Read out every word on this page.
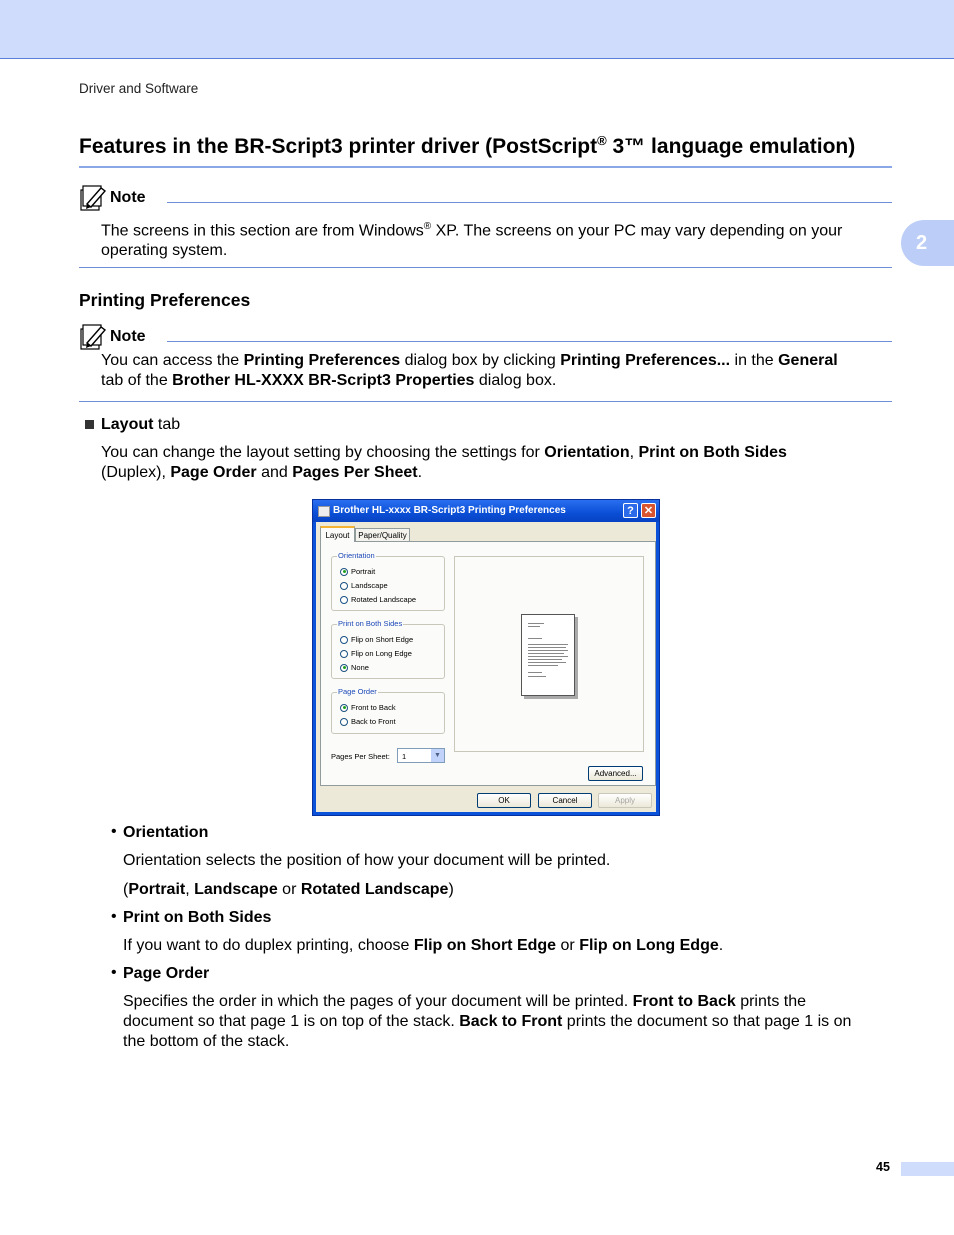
Driver and Software
Features in the BR-Script3 printer driver (PostScript® 3™ language emulation)
2
Note
The screens in this section are from Windows® XP. The screens on your PC may vary depending on your
operating system.
Printing Preferences
Note
You can access the Printing Preferences dialog box by clicking Printing Preferences... in the General
tab of the Brother HL-XXXX BR-Script3 Properties dialog box.
Layout tab
You can change the layout setting by choosing the settings for Orientation, Print on Both Sides
(Duplex), Page Order and Pages Per Sheet.
Brother HL-xxxx BR-Script3 Printing Preferences	? ✕
Layout	Paper/Quality
Orientation
Portrait
Landscape
Rotated Landscape
Print on Both Sides
Flip on Short Edge
Flip on Long Edge
None
Page Order
Front to Back
Back to Front
Pages Per Sheet: 1	▼
Advanced...
OK	Cancel	Apply
• Orientation
Orientation selects the position of how your document will be printed.
(Portrait, Landscape or Rotated Landscape)
• Print on Both Sides
If you want to do duplex printing, choose Flip on Short Edge or Flip on Long Edge.
• Page Order
Specifies the order in which the pages of your document will be printed. Front to Back prints the
document so that page 1 is on top of the stack. Back to Front prints the document so that page 1 is on
the bottom of the stack.
45
